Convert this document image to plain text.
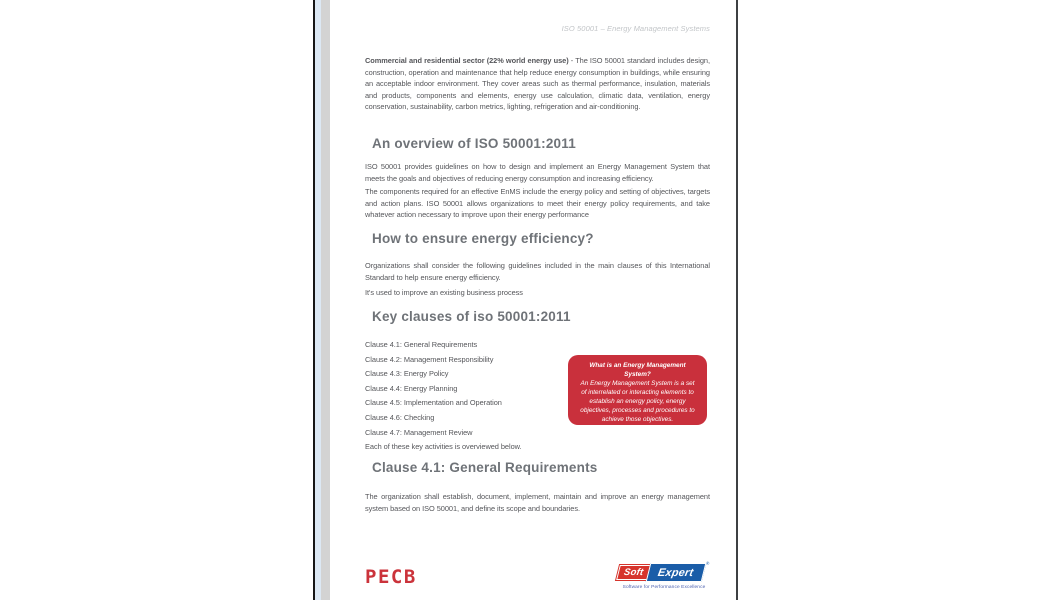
ISO 50001 – Energy Management Systems

Commercial and residential sector (22% world energy use) - The ISO 50001 standard includes design, construction, operation and maintenance that help reduce energy consumption in buildings, while ensuring an acceptable indoor environment. They cover areas such as thermal performance, insulation, materials and products, components and elements, energy use calculation, climatic data, ventilation, energy conservation, sustainability, carbon metrics, lighting, refrigeration and air-conditioning.

An overview of ISO 50001:2011

ISO 50001 provides guidelines on how to design and implement an Energy Management System that meets the goals and objectives of reducing energy consumption and increasing efficiency.

The components required for an effective EnMS include the energy policy and setting of objectives, targets and action plans. ISO 50001 allows organizations to meet their energy policy requirements, and take whatever action necessary to improve upon their energy performance

How to ensure energy efficiency?

Organizations shall consider the following guidelines included in the main clauses of this International Standard to help ensure energy efficiency.

It's used to improve an existing business process

Key clauses of iso 50001:2011
Clause 4.1: General Requirements
Clause 4.2: Management Responsibility
Clause 4.3: Energy Policy
Clause 4.4: Energy Planning
Clause 4.5: Implementation and Operation
Clause 4.6: Checking
Clause 4.7: Management Review
Each of these key activities is overviewed below.
What is an Energy Management System?
An Energy Management System is a set of interrelated or interacting elements to establish an energy policy, energy objectives, processes and procedures to achieve those objectives.
Clause 4.1: General Requirements

The organization shall establish, document, implement, maintain and improve an energy management system based on ISO 50001, and define its scope and boundaries.

PECB	Soft Expert
®
Software for Performance Excellence
